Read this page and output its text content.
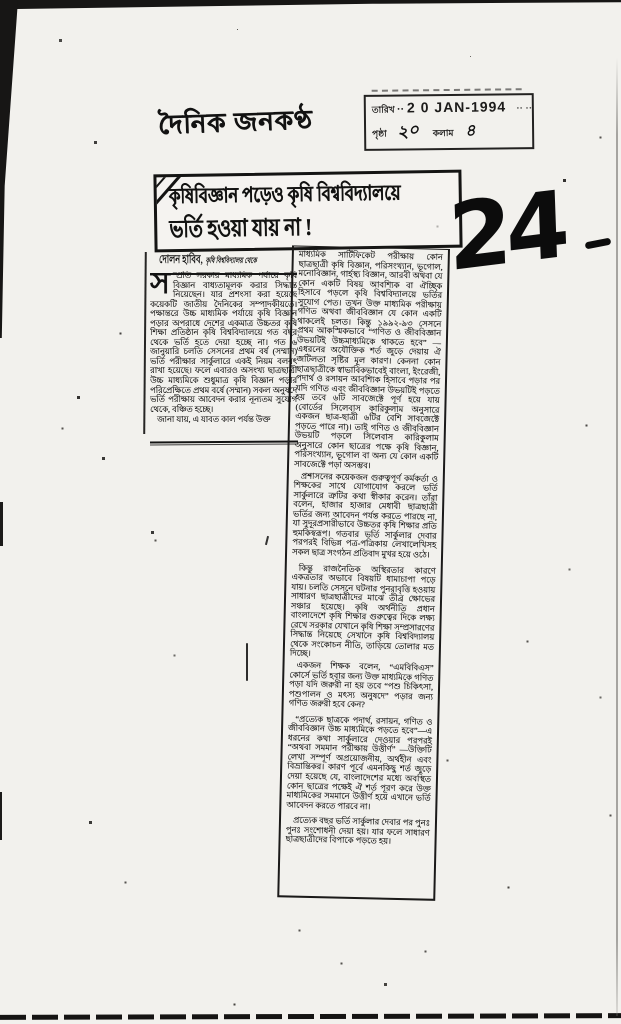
দৈনিক জনকণ্ঠ	তারিখ ·· 2 0 JAN-1994 ·· ··
পৃষ্ঠা ২০ কলাম ৪
কৃষিবিজ্ঞান পড়েও কৃষি বিশ্ববিদ্যালয়ে
ভর্তি হওয়া যায় না !	24
দোলন হাবিব, কৃষি বিশ্ববিদ্যালয় থেকে

সম্প্রতি সরকার মাধ্যমিক পর্যায়ে কৃষি বিজ্ঞান বাধ্যতামূলক করার সিদ্ধান্ত নিয়েছেন। যার প্রশংসা করা হয়েছে কয়েকটি জাতীয় দৈনিকের সম্পাদকীয়তে। পক্ষান্তরে উচ্চ মাধ্যমিক পর্যায়ে কৃষি বিজ্ঞান পড়ার অপরাধে দেশের একমাত্র উচ্চতর কৃষি শিক্ষা প্রতিষ্ঠান কৃষি বিশ্ববিদ্যালয়ে গত বছর থেকে ভর্তি হতে দেয়া হচ্ছে না। গত ৬ জানুয়ারি চলতি সেসনের প্রথম বর্ষ (সম্মান) ভর্তি পরীক্ষার সার্কুলারে একই নিয়ম বলবৎ রাখা হয়েছে। ফলে এবারও অসংখ্য ছাত্রছাত্রী উচ্চ মাধ্যমিকে শুধুমাত্র কৃষি বিজ্ঞান পড়ার পরিপ্রেক্ষিতে প্রথম বর্ষে (সম্মান) সকল অনুষদে ভর্তি পরীক্ষায় আবেদন করার নূন্যতম সুযোগ থেকে, বঞ্চিত হচ্ছে।

জানা যায়, এ যাবত কাল পর্যন্ত উক্ত

মাধ্যমিক সার্টিফিকেট পরীক্ষায় কোন ছাত্রছাত্রী কৃষি বিজ্ঞান, পরিসংখ্যান, ভূগোল, মনোবিজ্ঞান, গার্হস্থ্য বিজ্ঞান, আরবী অথবা যে কোন একটি বিষয় আবশ্যিক বা ঐচ্ছিক হিসাবে পড়লে কৃষি বিশ্ববিদ্যালয়ে ভর্তির সুযোগ পেত। তখন উক্ত মাধ্যমিক পরীক্ষায় গণিত অথবা জীববিজ্ঞান যে কোন একটি থাকলেই চলত। কিন্তু ১৯৯২-৯৩ সেসনে প্রথম আকস্মিকভাবে “গণিত ও জীববিজ্ঞান উভয়টিই উচ্চমাধ্যমিকে থাকতে হবে” —এধরনের অযৌক্তিক শর্ত জুড়ে দেয়ায় ঐ জটিলতা সৃষ্টির মূল কারণ। কেননা কোন ছাত্রছাত্রীকে স্বাভাবিকভাবেই বাংলা, ইংরেজী, পদার্থ ও রসায়ন আবশ্যিক হিসাবে পড়ার পর যদি গণিত এবং জীববিজ্ঞান উভয়টিই পড়তে হয় তবে ৬টি সাবজেক্টে পূর্ণ হয়ে যায় (বোর্ডের সিলেবাস কারিকুলাম অনুসারে একজন ছাত্র-ছাত্রী ৬টির বেশি সাবজেক্টে পড়তে পারে না)। তাই গণিত ও জীববিজ্ঞান উভয়টি পড়লে সিলেবাস কারিকুলাম অনুসারে কোন ছাত্রের পক্ষে কৃষি বিজ্ঞান, পরিসংখ্যান, ভূগোল বা অন্য যে কোন একটি সাবজেক্টে পড়া অসম্ভব।

প্রশাসনের কয়েকজন গুরুত্বপূর্ণ কর্মকর্তা ও শিক্ষকের সাথে যোগাযোগ করলে ভর্তি সার্কুলারে ত্রুটির কথা স্বীকার করেন। তাঁরা বলেন, হাজার হাজার মেধাবী ছাত্রছাত্রী ভর্তির জন্য আবেদন পর্যন্ত করতে পারছে না, যা সুদূরপ্রসারীভাবে উচ্চতর কৃষি শিক্ষার প্রতি হুমকিস্বরূপ। গতবার ভর্তি সার্কুলার দেবার পরপরই বিভিন্ন পত্র-পত্রিকায় লেখালেখিসহ সকল ছাত্র সংগঠন প্রতিবাদ মুখর হয়ে ওঠে।

কিন্তু রাজনৈতিক অস্থিরতার কারণে একত্রতার অভাবে বিষয়টি ধামাচাপা পড়ে যায়। চলতি সেসনে ঘটনার পুনরাবৃত্তি হওয়ায় সাধারণ ছাত্রছাত্রীদের মাঝে তীব্র ক্ষোভের সঞ্চার হয়েছে। কৃষি অর্থনীতি প্রধান বাংলাদেশে কৃষি শিক্ষার গুরুত্বের দিকে লক্ষ্য রেখে সরকার যেখানে কৃষি শিক্ষা সম্প্রসারণের সিদ্ধান্ত নিয়েছে সেখানে কৃষি বিশ্ববিদ্যালয় থেকে সংকোচন নীতি, তাড়িয়ে তোলার মত দিচ্ছে।

একজন শিক্ষক বলেন, “এমবিবিএস” কোর্সে ভর্তি হবার জন্য উক্ত মাধ্যমিকে গণিত পড়া যদি জরুরী না হয় তবে “পশু চিকিৎসা, পশুপালন ও মৎস্য অনুষদে” পড়ার জন্য গণিত জরুরী হবে কেন?

“প্রত্যেক ছাত্রকে পদার্থ, রসায়ন, গণিত ও জীববিজ্ঞান উচ্চ মাধ্যমিকে পড়তে হবে”—এ ধরনের কথা সার্কুলারে দেওয়ার পরপরই “অথবা সমমান পরীক্ষায় উত্তীর্ণ” —উক্তিটি লেখা সম্পূর্ণ অপ্রয়োজনীয়, অর্থহীন এবং বিভ্রান্তিকর। কারণ পূর্বে এমনকিছু শর্ত জুড়ে দেয়া হয়েছে যে, বাংলাদেশের মধ্যে অবস্থিত কোন ছাত্রের পক্ষেই ঐ শর্ত পূরণ করে উক্ত মাধ্যমিকের সমমানে উত্তীর্ণ হয়ে এখানে ভর্তি আবেদন করতে পারবে না।

প্রত্যেক বছর ভর্তি সার্কুলার দেবার পর পুনঃ পুনঃ সংশোধনী দেয়া হয়। যার ফলে সাধারণ ছাত্রছাত্রীদের বিপাকে পড়তে হয়।
